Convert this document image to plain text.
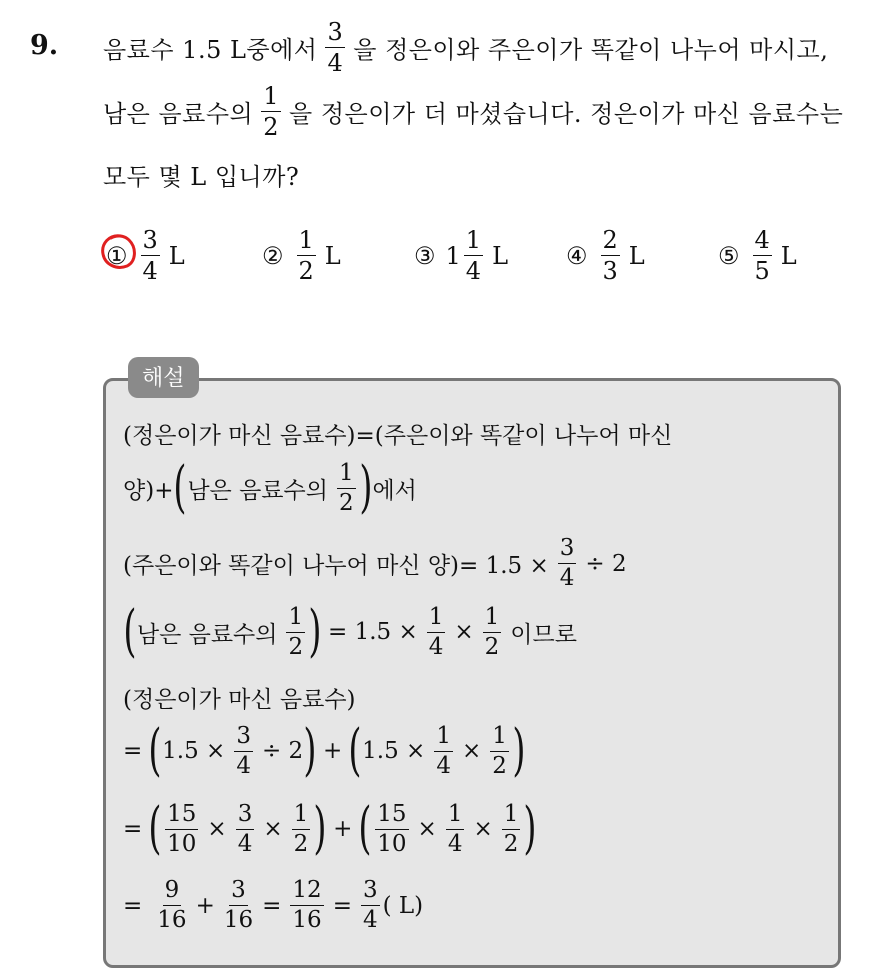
9. 음료수 1.5 L중에서 $\frac{3}{4}$ 을 정은이와 주은이가 똑같이 나누어 마시고,
남은 음료수의 $\frac{1}{2}$ 을 정은이가 더 마셨습니다. 정은이가 마신 음료수는
모두 몇 L 입니까?
① $\frac{3}{4}$ L	② $\frac{1}{2}$ L	③ $1 \frac{1}{4}$ L ④ $\frac{2}{3}$ L	⑤ $\frac{4}{5}$ L
해설
(정은이가 마신 음료수)=(주은이와 똑같이 나누어 마신
양)+ ( 남은 음료수의 $\frac{1}{2}$ ) 에서
(주은이와 똑같이 나누어 마신 양)= $1.5 \times \frac{3}{4} \div 2$
( 남은 음료수의 $\frac{1}{2}$ ) = $1.5 \times \frac{1}{4} \times \frac{1}{2}$ 이므로
(정은이가 마신 음료수)
= ( $1.5 \times \frac{3}{4} \div 2$ ) + ( $1.5 \times \frac{1}{4} \times \frac{1}{2}$ )
= ( $\frac{15}{10} \times \frac{3}{4} \times \frac{1}{2}$ ) + ( $\frac{15}{10} \times \frac{1}{4} \times \frac{1}{2}$ )
= $\frac{9}{16} + \frac{3}{16} = \frac{12}{16} = \frac{3}{4}$ ( L)
